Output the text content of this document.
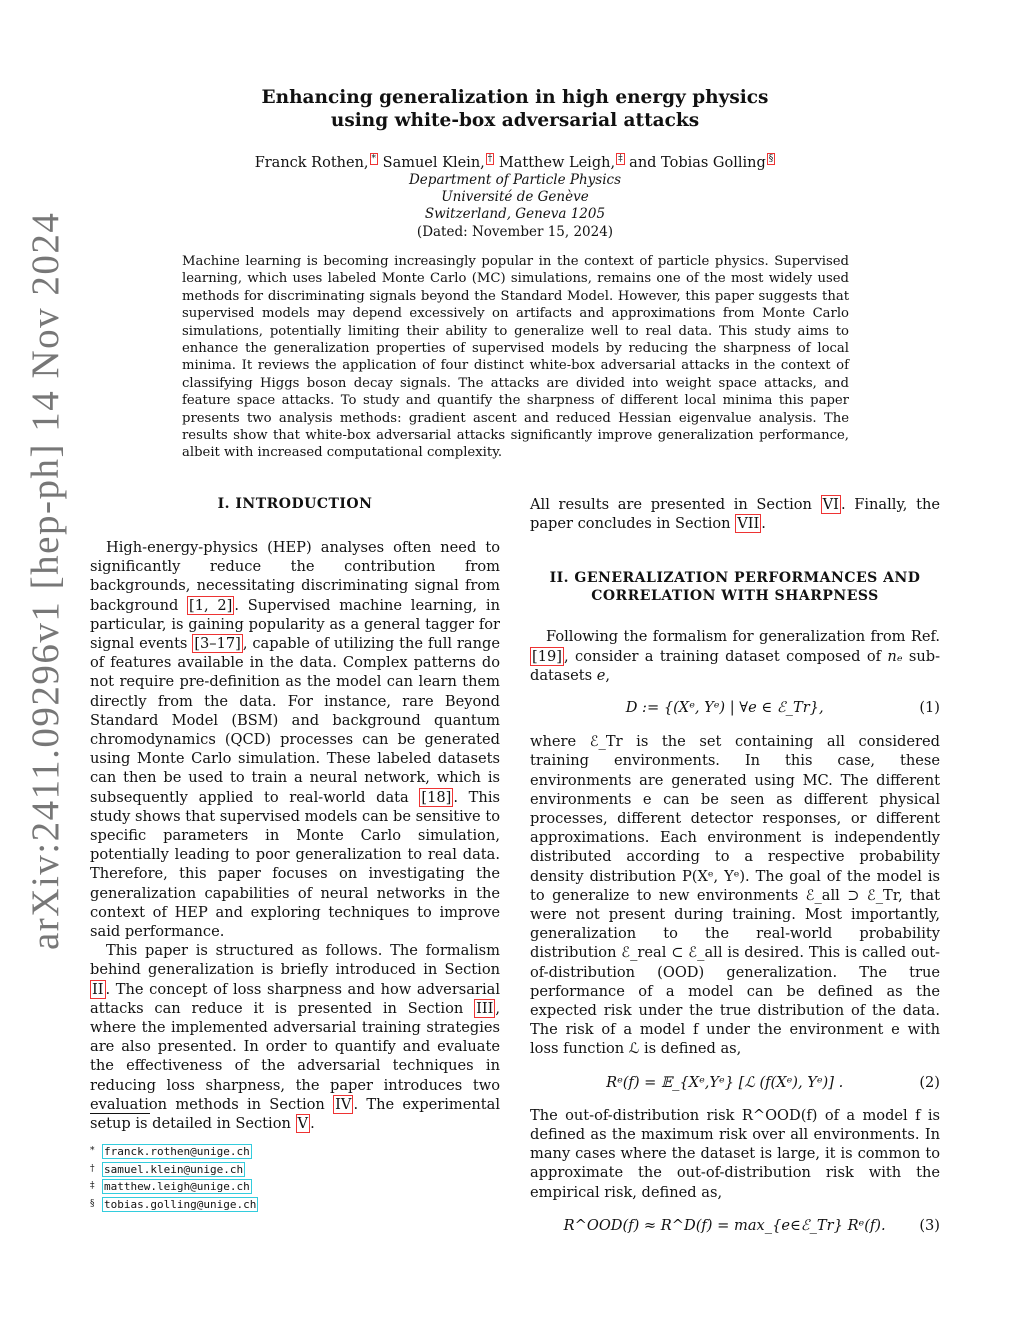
arXiv:2411.09296v1 [hep-ph] 14 Nov 2024
Enhancing generalization in high energy physics
using white-box adversarial attacks
Franck Rothen, * Samuel Klein, † Matthew Leigh, ‡ and Tobias Golling §
Department of Particle Physics
Université de Genève
Switzerland, Geneva 1205
(Dated: November 15, 2024)
Machine learning is becoming increasingly popular in the context of particle physics. Supervised learning, which uses labeled Monte Carlo (MC) simulations, remains one of the most widely used methods for discriminating signals beyond the Standard Model. However, this paper suggests that supervised models may depend excessively on artifacts and approximations from Monte Carlo simulations, potentially limiting their ability to generalize well to real data. This study aims to enhance the generalization properties of supervised models by reducing the sharpness of local minima. It reviews the application of four distinct white-box adversarial attacks in the context of classifying Higgs boson decay signals. The attacks are divided into weight space attacks, and feature space attacks. To study and quantify the sharpness of different local minima this paper presents two analysis methods: gradient ascent and reduced Hessian eigenvalue analysis. The results show that white-box adversarial attacks significantly improve generalization performance, albeit with increased computational complexity.

I. INTRODUCTION

High-energy-physics (HEP) analyses often need to significantly reduce the contribution from backgrounds, necessitating discriminating signal from background [1, 2] . Supervised machine learning, in particular, is gaining popularity as a general tagger for signal events [3–17] , capable of utilizing the full range of features available in the data. Complex patterns do not require pre-definition as the model can learn them directly from the data. For instance, rare Beyond Standard Model (BSM) and background quantum chromodynamics (QCD) processes can be generated using Monte Carlo simulation. These labeled datasets can then be used to train a neural network, which is subsequently applied to real-world data [18] . This study shows that supervised models can be sensitive to specific parameters in Monte Carlo simulation, potentially leading to poor generalization to real data. Therefore, this paper focuses on investigating the generalization capabilities of neural networks in the context of HEP and exploring techniques to improve said performance.

This paper is structured as follows. The formalism behind generalization is briefly introduced in Section II . The concept of loss sharpness and how adversarial attacks can reduce it is presented in Section III , where the implemented adversarial training strategies are also presented. In order to quantify and evaluate the effectiveness of the adversarial techniques in reducing loss sharpness, the paper introduces two evaluation methods in Section IV . The experimental setup is detailed in Section V .

* franck.rothen@unige.ch
† samuel.klein@unige.ch
‡ matthew.leigh@unige.ch
§ tobias.golling@unige.ch

All results are presented in Section VI . Finally, the paper concludes in Section VII .

II. GENERALIZATION PERFORMANCES AND

CORRELATION WITH SHARPNESS

Following the formalism for generalization from Ref. [19] , consider a training dataset composed of nₑ sub-datasets e,

D := {(Xᵉ, Yᵉ) | ∀e ∈ ℰ_Tr},	(1)

where ℰ_Tr is the set containing all considered training environments. In this case, these environments are generated using MC. The different environments e can be seen as different physical processes, different detector responses, or different approximations. Each environment is independently distributed according to a respective probability density distribution P(Xᵉ, Yᵉ). The goal of the model is to generalize to new environments ℰ_all ⊃ ℰ_Tr, that were not present during training. Most importantly, generalization to the real-world probability distribution ℰ_real ⊂ ℰ_all is desired. This is called out-of-distribution (OOD) generalization. The true performance of a model can be defined as the expected risk under the true distribution of the data. The risk of a model f under the environment e with loss function ℒ is defined as,

Rᵉ(f) = 𝔼_{Xᵉ,Yᵉ} [ℒ (f(Xᵉ), Yᵉ)] .	(2)

The out-of-distribution risk R^OOD(f) of a model f is defined as the maximum risk over all environments. In many cases where the dataset is large, it is common to approximate the out-of-distribution risk with the empirical risk, defined as,

R^OOD(f) ≈ R^D(f) = max_{e∈ℰ_Tr} Rᵉ(f).	(3)
